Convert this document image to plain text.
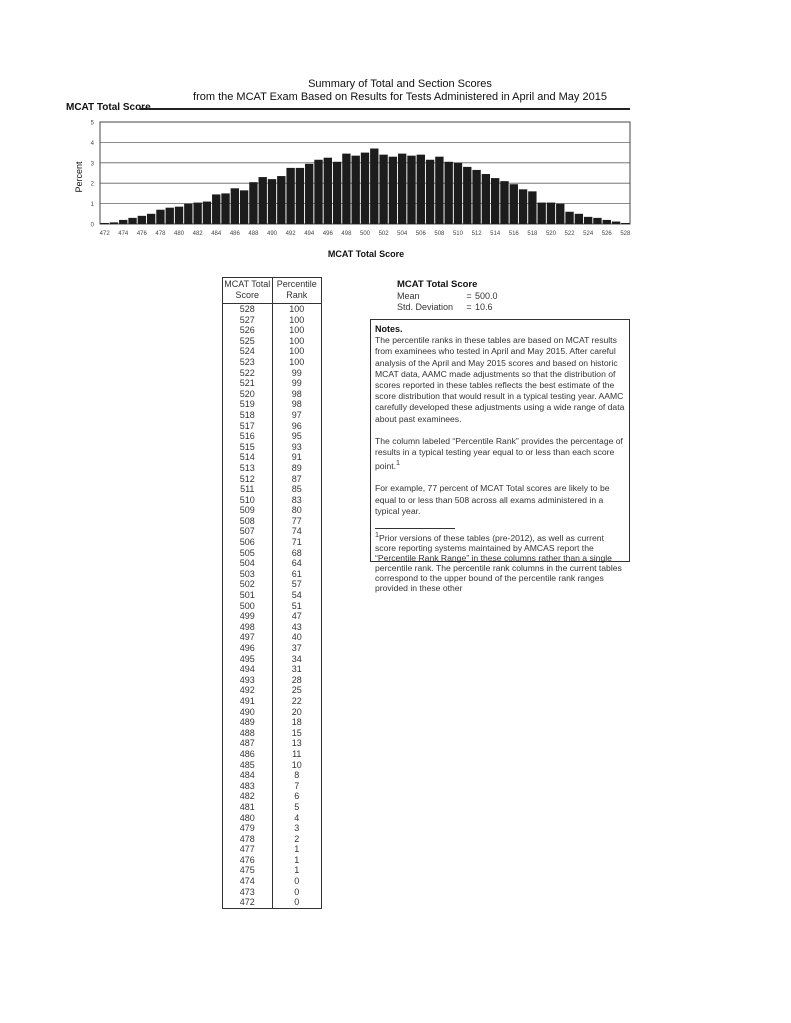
Summary of Total and Section Scores
from the MCAT Exam Based on Results for Tests Administered in April and May 2015
MCAT Total Score
0
1
2
3
4
5
472 474 476 478 480 482 484 486 488 490 492 494 496 498 500 502 504 506 508 510 512 514 516 518 520 522 524 526 528
Percent
MCAT Total Score
MCAT Total
Score
Percentile
Rank
528
527
526
525
524
523
522
521
520
519
518
517
516
515
514
513
512
511
510
509
508
507
506
505
504
503
502
501
500
499
498
497
496
495
494
493
492
491
490
489
488
487
486
485
484
483
482
481
480
479
478
477
476
475
474
473
472
100
100
100
100
100
100
99
99
98
98
97
96
95
93
91
89
87
85
83
80
77
74
71
68
64
61
57
54
51
47
43
40
37
34
31
28
25
22
20
18
15
13
11
10
8
7
6
5
4
3
2
1
1
1
0
0
0
MCAT Total Score
Mean	= 500.0
Std. Deviation	= 10.6
Notes.

The percentile ranks in these tables are based on MCAT results from examinees who tested in April and May 2015. After careful analysis of the April and May 2015 scores and based on historic MCAT data, AAMC made adjustments so that the distribution of scores reported in these tables reflects the best estimate of the score distribution that would result in a typical testing year. AAMC carefully developed these adjustments using a wide range of data about past examinees.

The column labeled “Percentile Rank” provides the percentage of results in a typical testing year equal to or less than each score point.$^1$

For example, 77 percent of MCAT Total scores are likely to be equal to or less than 508 across all exams administered in a typical year.

$^1$Prior versions of these tables (pre-2012), as well as current score reporting systems maintained by AMCAS report the “Percentile Rank Range” in these columns rather than a single percentile rank. The percentile rank columns in the current tables correspond to the upper bound of the percentile rank ranges provided in these other
